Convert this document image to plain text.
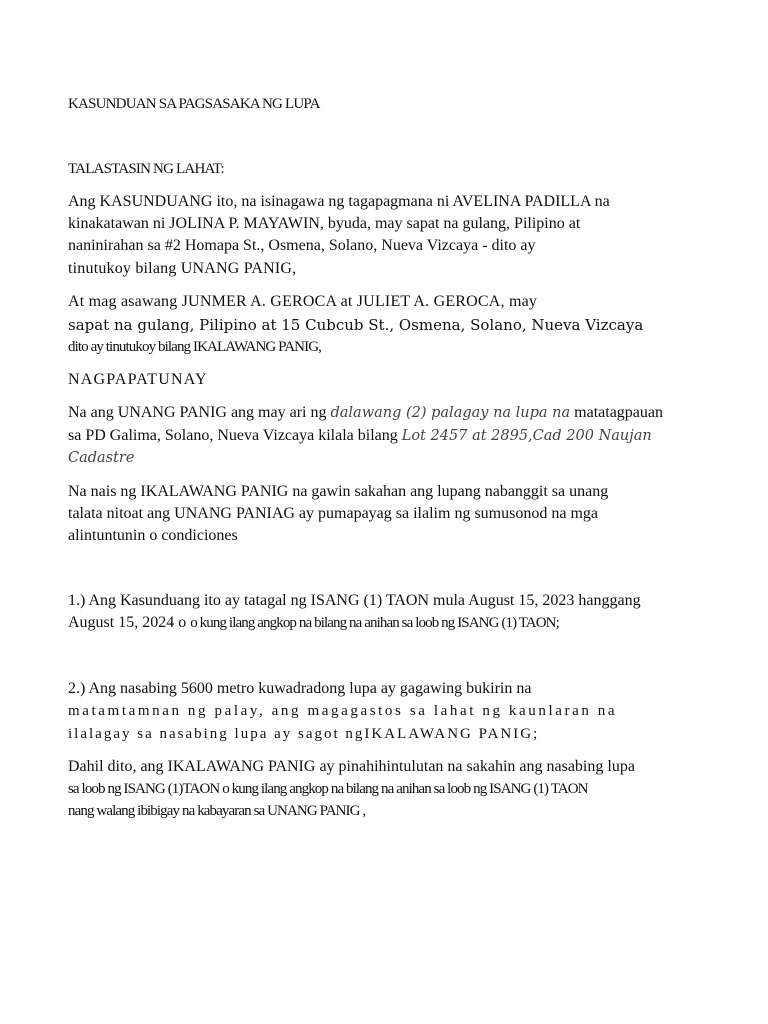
KASUNDUAN SA PAGSASAKA NG LUPA
TALASTASIN NG LAHAT:
Ang KASUNDUANG ito, na isinagawa ng tagapagmana ni AVELINA PADILLA na
kinakatawan ni JOLINA P. MAYAWIN, byuda, may sapat na gulang, Pilipino at
naninirahan sa #2 Homapa St., Osmena, Solano, Nueva Vizcaya - dito ay
tinutukoy bilang UNANG PANIG,
At mag asawang JUNMER A. GEROCA at JULIET A. GEROCA, may
sapat na gulang, Pilipino at 15 Cubcub St., Osmena, Solano, Nueva Vizcaya
dito ay tinutukoy bilang IKALAWANG PANIG,
NAGPAPATUNAY
Na ang UNANG PANIG ang may ari ng dalawang (2) palagay na lupa na matatagpauan
sa PD Galima, Solano, Nueva Vizcaya kilala bilang Lot 2457 at 2895,Cad 200 Naujan
Cadastre
Na nais ng IKALAWANG PANIG na gawin sakahan ang lupang nabanggit sa unang
talata nitoat ang UNANG PANIAG ay pumapayag sa ilalim ng sumusonod na mga
alintuntunin o condiciones
1.) Ang Kasunduang ito ay tatagal ng ISANG (1) TAON mula August 15, 2023 hanggang
August 15, 2024 o o kung ilang angkop na bilang na anihan sa loob ng ISANG (1) TAON;
2.) Ang nasabing 5600 metro kuwadradong lupa ay gagawing bukirin na
matamtamnan ng palay, ang magagastos sa lahat ng kaunlaran na
ilalagay sa nasabing lupa ay sagot ngIKALAWANG PANIG;
Dahil dito, ang IKALAWANG PANIG ay pinahihintulutan na sakahin ang nasabing lupa
sa loob ng ISANG (1)TAON o kung ilang angkop na bilang na anihan sa loob ng ISANG (1) TAON
nang walang ibibigay na kabayaran sa UNANG PANIG ,
